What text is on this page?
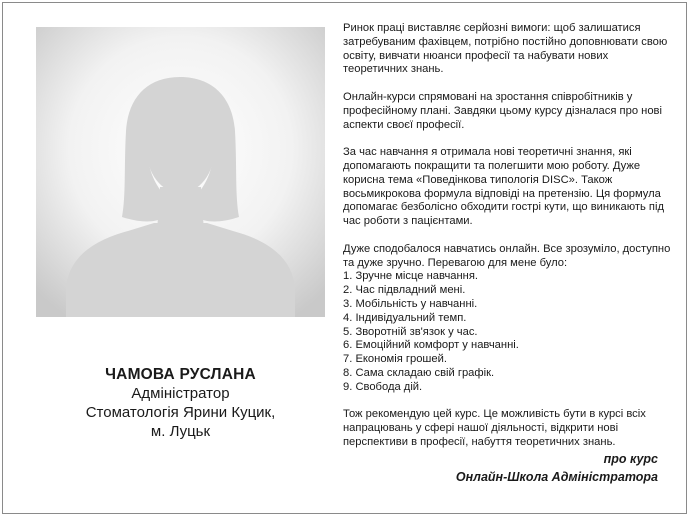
ЧАМОВА РУСЛАНА
Адміністратор
Стоматологія Ярини Куцик,
м. Луцьк

Ринок праці виставляє серйозні вимоги: щоб залишатися затребуваним фахівцем, потрібно постійно доповнювати свою освіту, вивчати нюанси професії та набувати нових теоретичних знань.

Онлайн-курси спрямовані на зростання співробітників у професійному плані. Завдяки цьому курсу дізналася про нові аспекти своєї професії.

За час навчання я отримала нові теоретичні знання, які допомагають покращити та полегшити мою роботу. Дуже корисна тема «Поведінкова типологія DISC». Також восьмикрокова формула відповіді на претензію. Ця формула допомагає безболісно обходити гострі кути, що виникають під час роботи з пацієнтами.

Дуже сподобалося навчатись онлайн. Все зрозуміло, доступно та дуже зручно. Перевагою для мене було:
1. Зручне місце навчання.
2. Час підвладний мені.
3. Мобільність у навчанні.
4. Індивідуальний темп.
5. Зворотній зв'язок у час.
6. Емоційний комфорт у навчанні.
7. Економія грошей.
8. Сама складаю свій графік.
9. Свобода дій.

Тож рекомендую цей курс. Це можливість бути в курсі всіх напрацювань у сфері нашої діяльності, відкрити нові перспективи в професії, набуття теоретичних знань.

про курс
Онлайн-Школа Адміністратора
